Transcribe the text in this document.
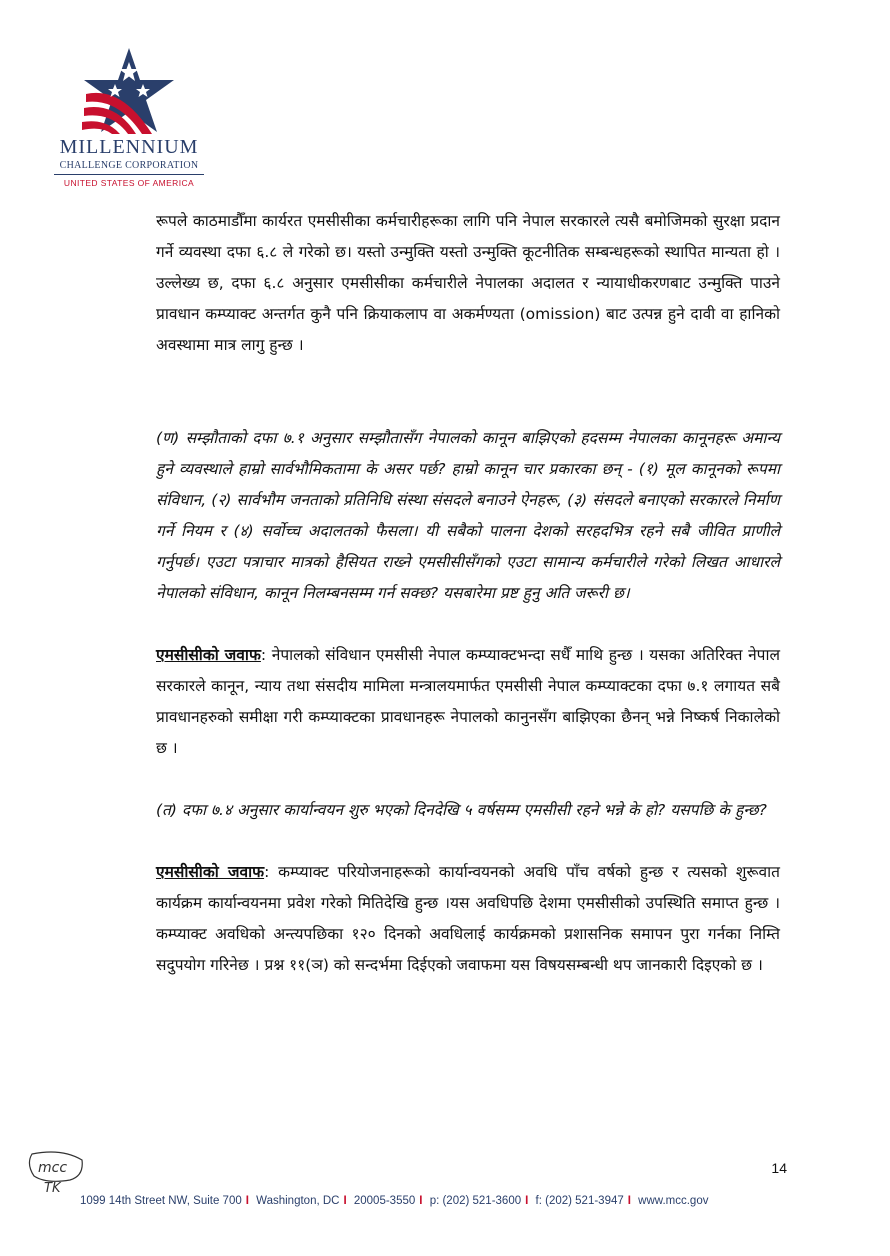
MILLENNIUM
CHALLENGE CORPORATION
UNITED STATES OF AMERICA

रूपले काठमाडौँमा कार्यरत एमसीसीका कर्मचारीहरूका लागि पनि नेपाल सरकारले त्यसै बमोजिमको सुरक्षा प्रदान गर्ने व्यवस्था दफा ६.८ ले गरेको छ। यस्तो उन्मुक्ति यस्तो उन्मुक्ति कूटनीतिक सम्बन्धहरूको स्थापित मान्यता हो । उल्लेख्य छ, दफा ६.८ अनुसार एमसीसीका कर्मचारीले नेपालका अदालत र न्यायाधीकरणबाट उन्मुक्ति पाउने प्रावधान कम्प्याक्ट अन्तर्गत कुनै पनि क्रियाकलाप वा अकर्मण्यता (omission) बाट उत्पन्न हुने दावी वा हानिको अवस्थामा मात्र लागु हुन्छ ।

(ण) सम्झौताको दफा ७.१ अनुसार सम्झौतासँग नेपालको कानून बाझिएको हदसम्म नेपालका कानूनहरू अमान्य हुने व्यवस्थाले हाम्रो सार्वभौमिकतामा के असर पर्छ? हाम्रो कानून चार प्रकारका छन् - (१) मूल कानूनको रूपमा संविधान, (२) सार्वभौम जनताको प्रतिनिधि संस्था संसदले बनाउने ऐनहरू, (३) संसदले बनाएको सरकारले निर्माण गर्ने नियम र (४) सर्वोच्च अदालतको फैसला। यी सबैको पालना देशको सरहदभित्र रहने सबै जीवित प्राणीले गर्नुपर्छ। एउटा पत्राचार मात्रको हैसियत राख्ने एमसीसीसँगको एउटा सामान्य कर्मचारीले गरेको लिखत आधारले नेपालको संविधान, कानून निलम्बनसम्म गर्न सक्छ? यसबारेमा प्रष्ट हुनु अति जरूरी छ।

एमसीसीको जवाफ: नेपालको संविधान एमसीसी नेपाल कम्प्याक्टभन्दा सधैँ माथि हुन्छ । यसका अतिरिक्त नेपाल सरकारले कानून, न्याय तथा संसदीय मामिला मन्त्रालयमार्फत एमसीसी नेपाल कम्प्याक्टका दफा ७.१ लगायत सबै प्रावधानहरुको समीक्षा गरी कम्प्याक्टका प्रावधानहरू नेपालको कानुनसँग बाझिएका छैनन् भन्ने निष्कर्ष निकालेको छ ।

(त) दफा ७.४ अनुसार कार्यान्वयन शुरु भएको दिनदेखि ५ वर्षसम्म एमसीसी रहने भन्ने के हो? यसपछि के हुन्छ?

एमसीसीको जवाफ: कम्प्याक्ट परियोजनाहरूको कार्यान्वयनको अवधि पाँच वर्षको हुन्छ र त्यसको शुरूवात कार्यक्रम कार्यान्वयनमा प्रवेश गरेको मितिदेखि हुन्छ ।यस अवधिपछि देशमा एमसीसीको उपस्थिति समाप्त हुन्छ ।कम्प्याक्ट अवधिको अन्त्यपछिका १२० दिनको अवधिलाई कार्यक्रमको प्रशासनिक समापन पुरा गर्नका निम्ति सदुपयोग गरिनेछ । प्रश्न ११(ञ) को सन्दर्भमा दिईएको जवाफमा यस विषयसम्बन्धी थप जानकारी दिइएको छ ।

mcc
TK
14
1099 14th Street NW, Suite 700 I Washington, DC I 20005-3550 I p: (202) 521-3600 I f: (202) 521-3947 I www.mcc.gov
